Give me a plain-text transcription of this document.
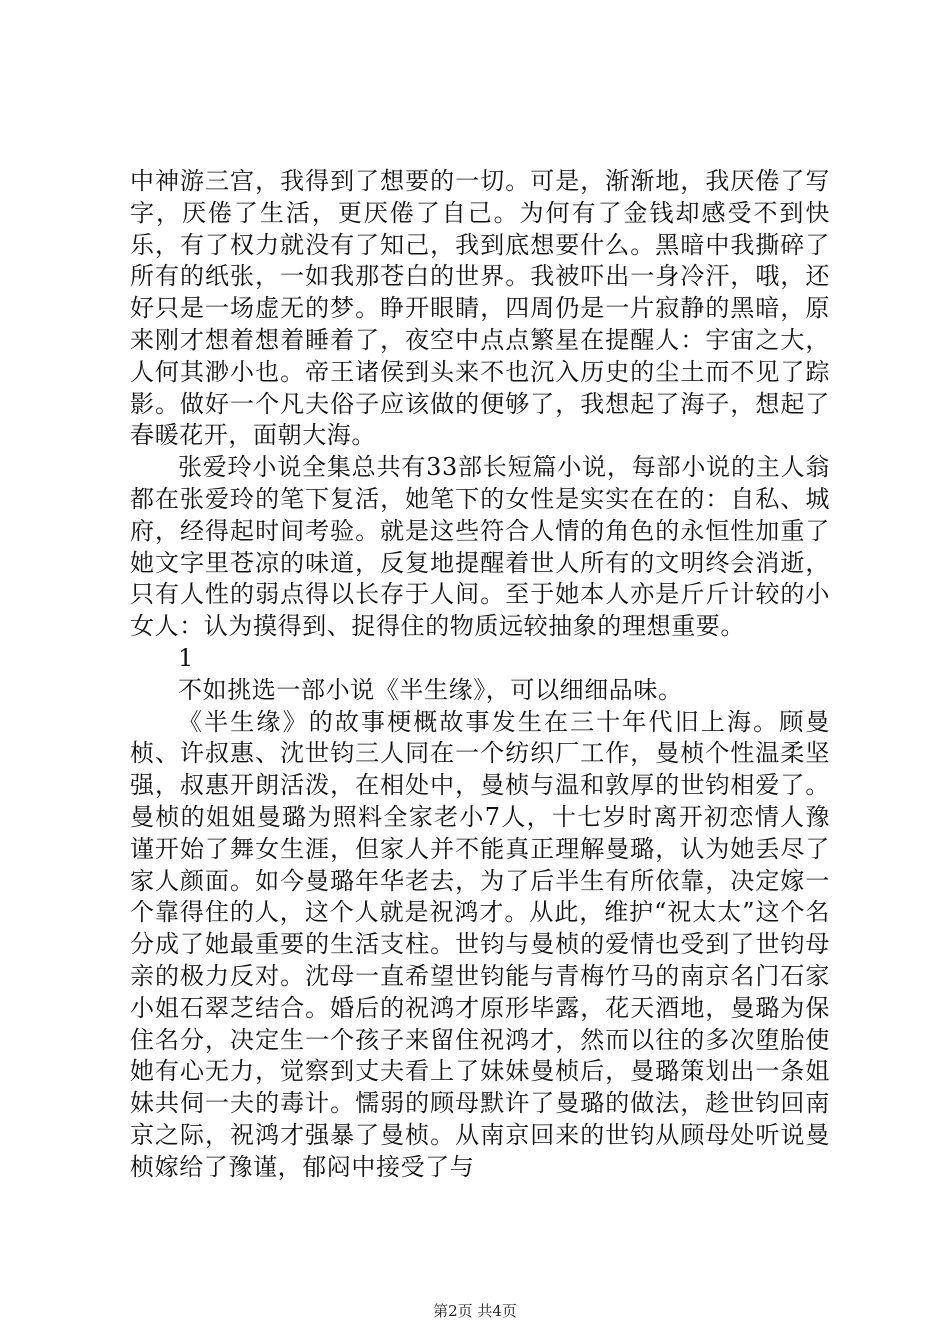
中神游三宫，我得到了想要的一切。可是，渐渐地，我厌倦了写字，厌倦了生活，更厌倦了自己。为何有了金钱却感受不到快乐，有了权力就没有了知己，我到底想要什么。黑暗中我撕碎了所有的纸张，一如我那苍白的世界。我被吓出一身冷汗，哦，还好只是一场虚无的梦。睁开眼睛，四周仍是一片寂静的黑暗，原来刚才想着想着睡着了，夜空中点点繁星在提醒人：宇宙之大，人何其渺小也。帝王诸侯到头来不也沉入历史的尘土而不见了踪影。做好一个凡夫俗子应该做的便够了，我想起了海子，想起了春暖花开，面朝大海。

张爱玲小说全集总共有33部长短篇小说，每部小说的主人翁都在张爱玲的笔下复活，她笔下的女性是实实在在的：自私、城府，经得起时间考验。就是这些符合人情的角色的永恒性加重了她文字里苍凉的味道，反复地提醒着世人所有的文明终会消逝，只有人性的弱点得以长存于人间。至于她本人亦是斤斤计较的小女人：认为摸得到、捉得住的物质远较抽象的理想重要。

1

不如挑选一部小说《半生缘》，可以细细品味。

《半生缘》的故事梗概故事发生在三十年代旧上海。顾曼桢、许叔惠、沈世钧三人同在一个纺织厂工作，曼桢个性温柔坚强，叔惠开朗活泼，在相处中，曼桢与温和敦厚的世钧相爱了。曼桢的姐姐曼璐为照料全家老小7人，十七岁时离开初恋情人豫谨开始了舞女生涯，但家人并不能真正理解曼璐，认为她丢尽了家人颜面。如今曼璐年华老去，为了后半生有所依靠，决定嫁一个靠得住的人，这个人就是祝鸿才。从此，维护“祝太太”这个名分成了她最重要的生活支柱。世钧与曼桢的爱情也受到了世钧母亲的极力反对。沈母一直希望世钧能与青梅竹马的南京名门石家小姐石翠芝结合。婚后的祝鸿才原形毕露，花天酒地，曼璐为保住名分，决定生一个孩子来留住祝鸿才，然而以往的多次堕胎使她有心无力，觉察到丈夫看上了妹妹曼桢后，曼璐策划出一条姐妹共伺一夫的毒计。懦弱的顾母默许了曼璐的做法，趁世钧回南京之际，祝鸿才强暴了曼桢。从南京回来的世钧从顾母处听说曼桢嫁给了豫谨，郁闷中接受了与

第2页 共4页
